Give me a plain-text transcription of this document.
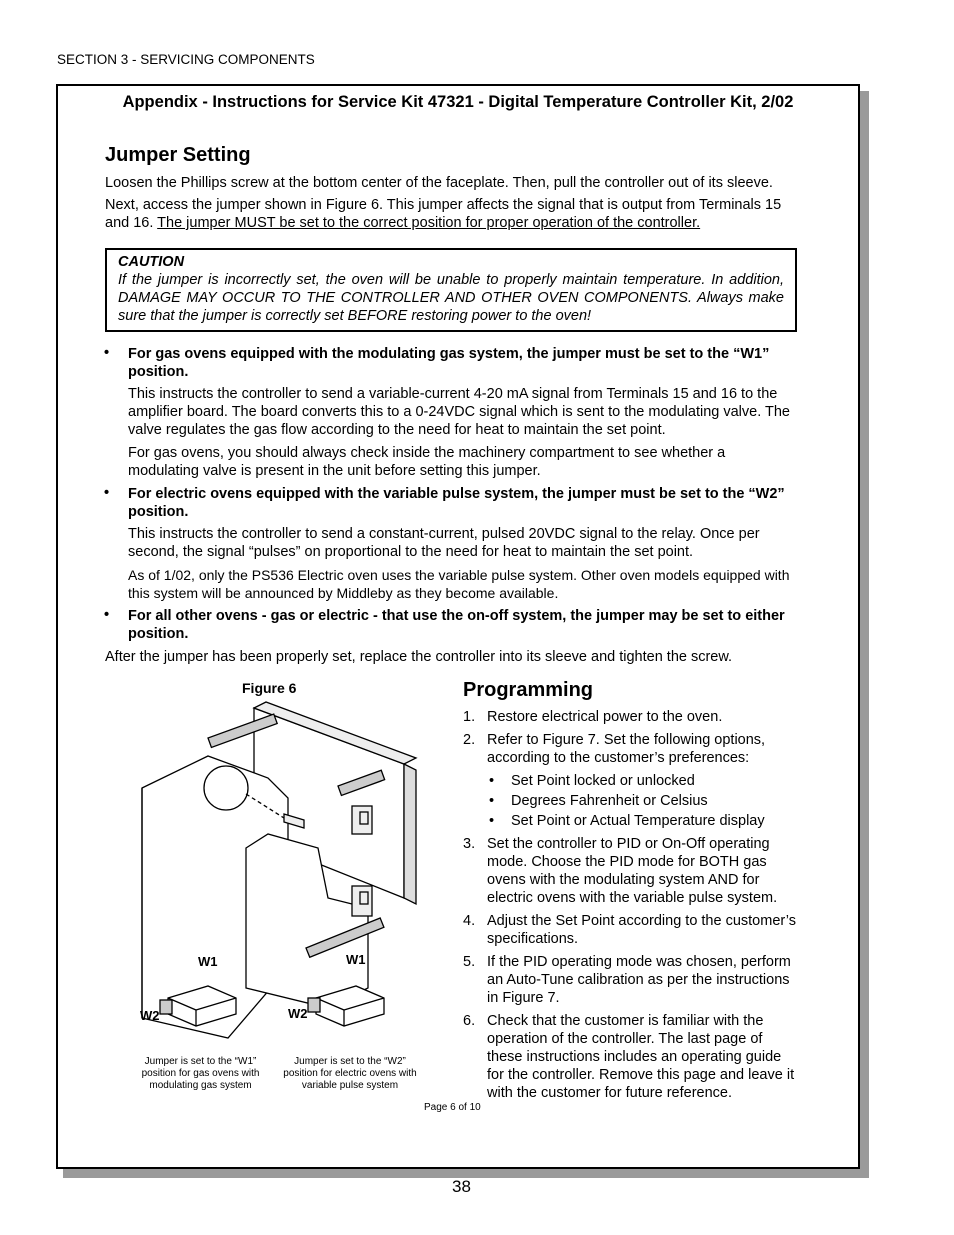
SECTION 3 - SERVICING COMPONENTS
Appendix - Instructions for Service Kit 47321 - Digital Temperature Controller Kit, 2/02
Jumper Setting
Loosen the Phillips screw at the bottom center of the faceplate. Then, pull the controller out of its sleeve.
Next, access the jumper shown in Figure 6. This jumper affects the signal that is output from Terminals 15 and 16. The jumper MUST be set to the correct position for proper operation of the controller.
CAUTION
If the jumper is incorrectly set, the oven will be unable to properly maintain temperature. In addition, DAMAGE MAY OCCUR TO THE CONTROLLER AND OTHER OVEN COMPONENTS. Always make sure that the jumper is correctly set BEFORE restoring power to the oven!
• For gas ovens equipped with the modulating gas system, the jumper must be set to the “W1” position.
This instructs the controller to send a variable-current 4-20 mA signal from Terminals 15 and 16 to the amplifier board. The board converts this to a 0-24VDC signal which is sent to the modulating valve. The valve regulates the gas flow according to the need for heat to maintain the set point.
For gas ovens, you should always check inside the machinery compartment to see whether a modulating valve is present in the unit before setting this jumper.
• For electric ovens equipped with the variable pulse system, the jumper must be set to the “W2” position.
This instructs the controller to send a constant-current, pulsed 20VDC signal to the relay. Once per second, the signal “pulses” on proportional to the need for heat to maintain the set point.
As of 1/02, only the PS536 Electric oven uses the variable pulse system. Other oven models equipped with this system will be announced by Middleby as they become available.
• For all other ovens - gas or electric - that use the on-off system, the jumper may be set to either position.
After the jumper has been properly set, replace the controller into its sleeve and tighten the screw.
Figure 6
W1
W2
W1
W2
Jumper is set to the “W1” position for gas ovens with modulating gas system
Jumper is set to the “W2” position for electric ovens with variable pulse system
Programming
1. Restore electrical power to the oven.
2. Refer to Figure 7. Set the following options, according to the customer’s preferences:
• Set Point locked or unlocked
• Degrees Fahrenheit or Celsius
• Set Point or Actual Temperature display
3. Set the controller to PID or On-Off operating mode. Choose the PID mode for BOTH gas ovens with the modulating system AND for electric ovens with the variable pulse system.
4. Adjust the Set Point according to the customer’s specifications.
5. If the PID operating mode was chosen, perform an Auto-Tune calibration as per the instructions in Figure 7.
6. Check that the customer is familiar with the operation of the controller. The last page of these instructions includes an operating guide for the controller. Remove this page and leave it with the customer for future reference.
Page 6 of 10
38
